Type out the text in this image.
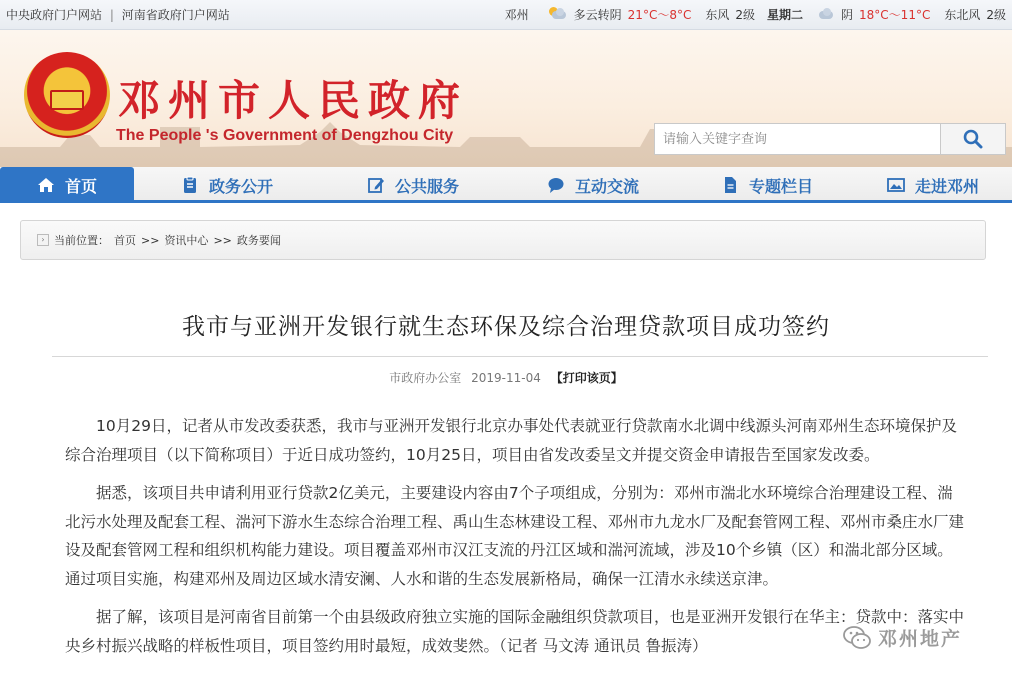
中央政府门户网站 | 河南省政府门户网站	邓州	多云转阴 21°C～8°C 东风 2级 星期二	阴 18°C～11°C 东北风 2级
邓州市人民政府
The People 's Government of Dengzhou City
请输入关键字查询
首页	政务公开	公共服务	互动交流	专题栏目	走进邓州
› 当前位置： 首页 >> 资讯中心 >> 政务要闻
我市与亚洲开发银行就生态环保及综合治理贷款项目成功签约
市政府办公室 2019-11-04 【打印该页】

10月29日，记者从市发改委获悉，我市与亚洲开发银行北京办事处代表就亚行贷款南水北调中线源头河南邓州生态环境保护及综合治理项目（以下简称项目）于近日成功签约，10月25日，项目由省发改委呈文并提交资金申请报告至国家发改委。

据悉，该项目共申请利用亚行贷款2亿美元，主要建设内容由7个子项组成，分别为：邓州市湍北水环境综合治理建设工程、湍北污水处理及配套工程、湍河下游水生态综合治理工程、禹山生态林建设工程、邓州市九龙水厂及配套管网工程、邓州市桑庄水厂建设及配套管网工程和组织机构能力建设。项目覆盖邓州市汉江支流的丹江区域和湍河流域，涉及10个乡镇（区）和湍北部分区域。通过项目实施，构建邓州及周边区域水清安澜、人水和谐的生态发展新格局，确保一江清水永续送京津。

据了解，该项目是河南省目前第一个由县级政府独立实施的国际金融组织贷款项目，也是亚洲开发银行在华主：贷款中：落实中央乡村振兴战略的样板性项目，项目签约用时最短，成效斐然。（记者 马文涛 通讯员 鲁振涛）	邓州地产
